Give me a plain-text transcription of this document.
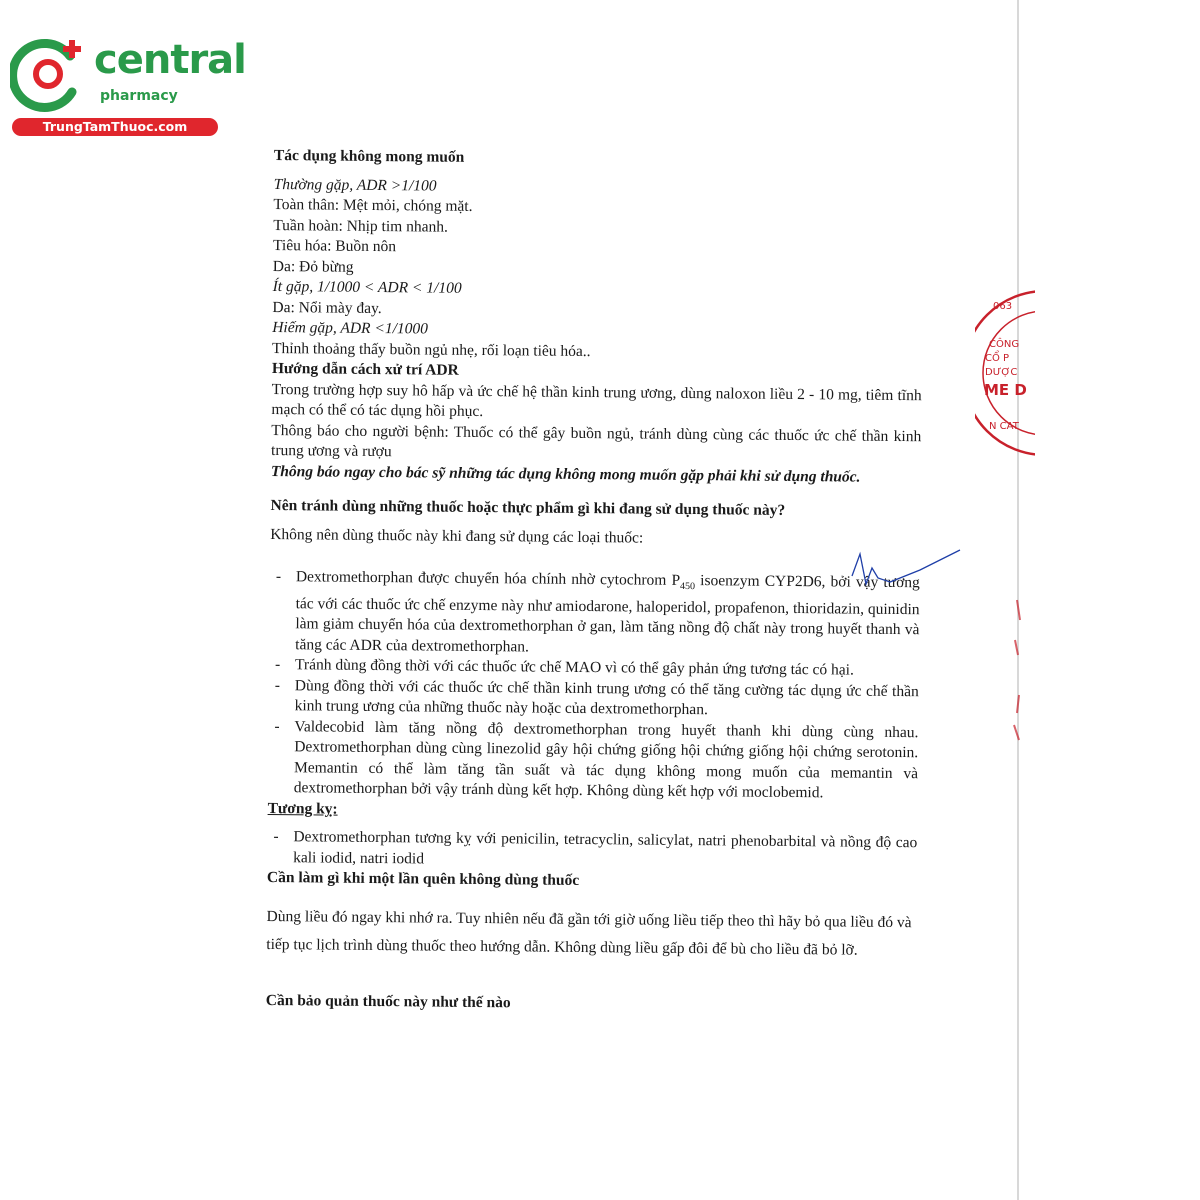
central
pharmacy
TrungTamThuoc.com

Tác dụng không mong muốn

Thường gặp, ADR >1/100

Toàn thân: Mệt mỏi, chóng mặt.

Tuần hoàn: Nhịp tim nhanh.

Tiêu hóa: Buồn nôn

Da: Đỏ bừng

Ít gặp, 1/1000 < ADR < 1/100

Da: Nổi mày đay.

Hiếm gặp, ADR <1/1000

Thỉnh thoảng thấy buồn ngủ nhẹ, rối loạn tiêu hóa..

Hướng dẫn cách xử trí ADR

Trong trường hợp suy hô hấp và ức chế hệ thần kinh trung ương, dùng naloxon liều 2 - 10 mg, tiêm tĩnh mạch có thể có tác dụng hồi phục.

Thông báo cho người bệnh: Thuốc có thể gây buồn ngủ, tránh dùng cùng các thuốc ức chế thần kinh trung ương và rượu

Thông báo ngay cho bác sỹ những tác dụng không mong muốn gặp phải khi sử dụng thuốc.

Nên tránh dùng những thuốc hoặc thực phẩm gì khi đang sử dụng thuốc này?

Không nên dùng thuốc này khi đang sử dụng các loại thuốc:

- Dextromethorphan được chuyển hóa chính nhờ cytochrom $P_{450}$ isoenzym CYP2D6, bởi vậy tương tác với các thuốc ức chế enzyme này như amiodarone, haloperidol, propafenon, thioridazin, quinidin làm giảm chuyển hóa của dextromethorphan ở gan, làm tăng nồng độ chất này trong huyết thanh và tăng các ADR của dextromethorphan.
- Tránh dùng đồng thời với các thuốc ức chế MAO vì có thể gây phản ứng tương tác có hại.
- Dùng đồng thời với các thuốc ức chế thần kinh trung ương có thể tăng cường tác dụng ức chế thần kinh trung ương của những thuốc này hoặc của dextromethorphan.
- Valdecobid làm tăng nồng độ dextromethorphan trong huyết thanh khi dùng cùng nhau. Dextromethorphan dùng cùng linezolid gây hội chứng giống hội chứng giống hội chứng serotonin. Memantin có thể làm tăng tần suất và tác dụng không mong muốn của memantin và dextromethorphan bởi vậy tránh dùng kết hợp. Không dùng kết hợp với moclobemid.

Tương kỵ:

- Dextromethorphan tương kỵ với penicilin, tetracyclin, salicylat, natri phenobarbital và nồng độ cao kali iodid, natri iodid

Cần làm gì khi một lần quên không dùng thuốc

Dùng liều đó ngay khi nhớ ra. Tuy nhiên nếu đã gần tới giờ uống liều tiếp theo thì hãy bỏ qua liều đó và tiếp tục lịch trình dùng thuốc theo hướng dẫn. Không dùng liều gấp đôi để bù cho liều đã bỏ lỡ.

Cần bảo quản thuốc này như thế nào

063
CÔNG
CỔ P
DƯỢC
ME D
N CAT
